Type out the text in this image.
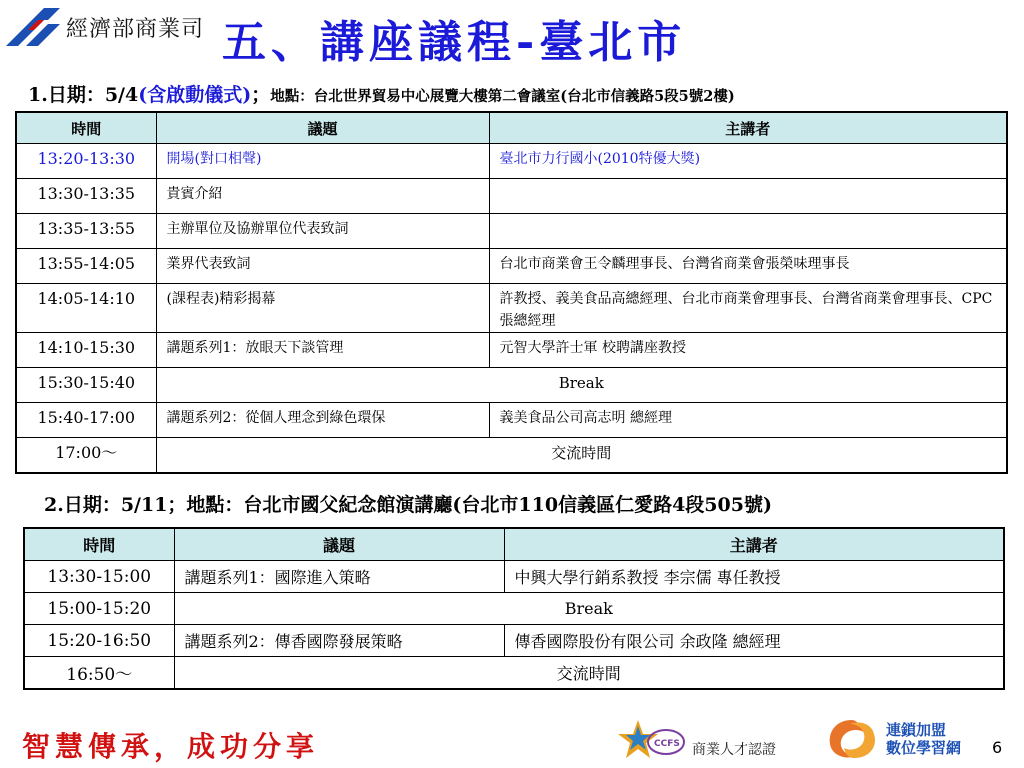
經濟部商業司 五、講座議程-臺北市
1.日期：5/4(含啟動儀式)；地點：台北世界貿易中心展覽大樓第二會議室(台北市信義路5段5號2樓)
時間	議題	主講者
13:20-13:30	開場(對口相聲)	臺北市力行國小(2010特優大獎)
13:30-13:35	貴賓介紹	
13:35-13:55	主辦單位及協辦單位代表致詞	
13:55-14:05	業界代表致詞	台北市商業會王令麟理事長、台灣省商業會張榮味理事長
14:05-14:10	(課程表)精彩揭幕	許教授、義美食品高總經理、台北市商業會理事長、台灣省商業會理事長、CPC 張總經理
14:10-15:30	講題系列1：放眼天下談管理	元智大學許士軍 校聘講座教授
15:30-15:40	Break	
15:40-17:00	講題系列2：從個人理念到綠色環保	義美食品公司高志明 總經理
17:00～	交流時間	
2.日期：5/11；地點：台北市國父紀念館演講廳(台北市110信義區仁愛路4段505號)
時間	議題	主講者
13:30-15:00	講題系列1：國際進入策略	中興大學行銷系教授 李宗儒 專任教授
15:00-15:20	Break	
15:20-16:50	講題系列2：傳香國際發展策略	傳香國際股份有限公司 余政隆 總經理
16:50～	交流時間	
智慧傳承，成功分享	CCFS 商業人才認證
連鎖加盟
數位學習網 6
